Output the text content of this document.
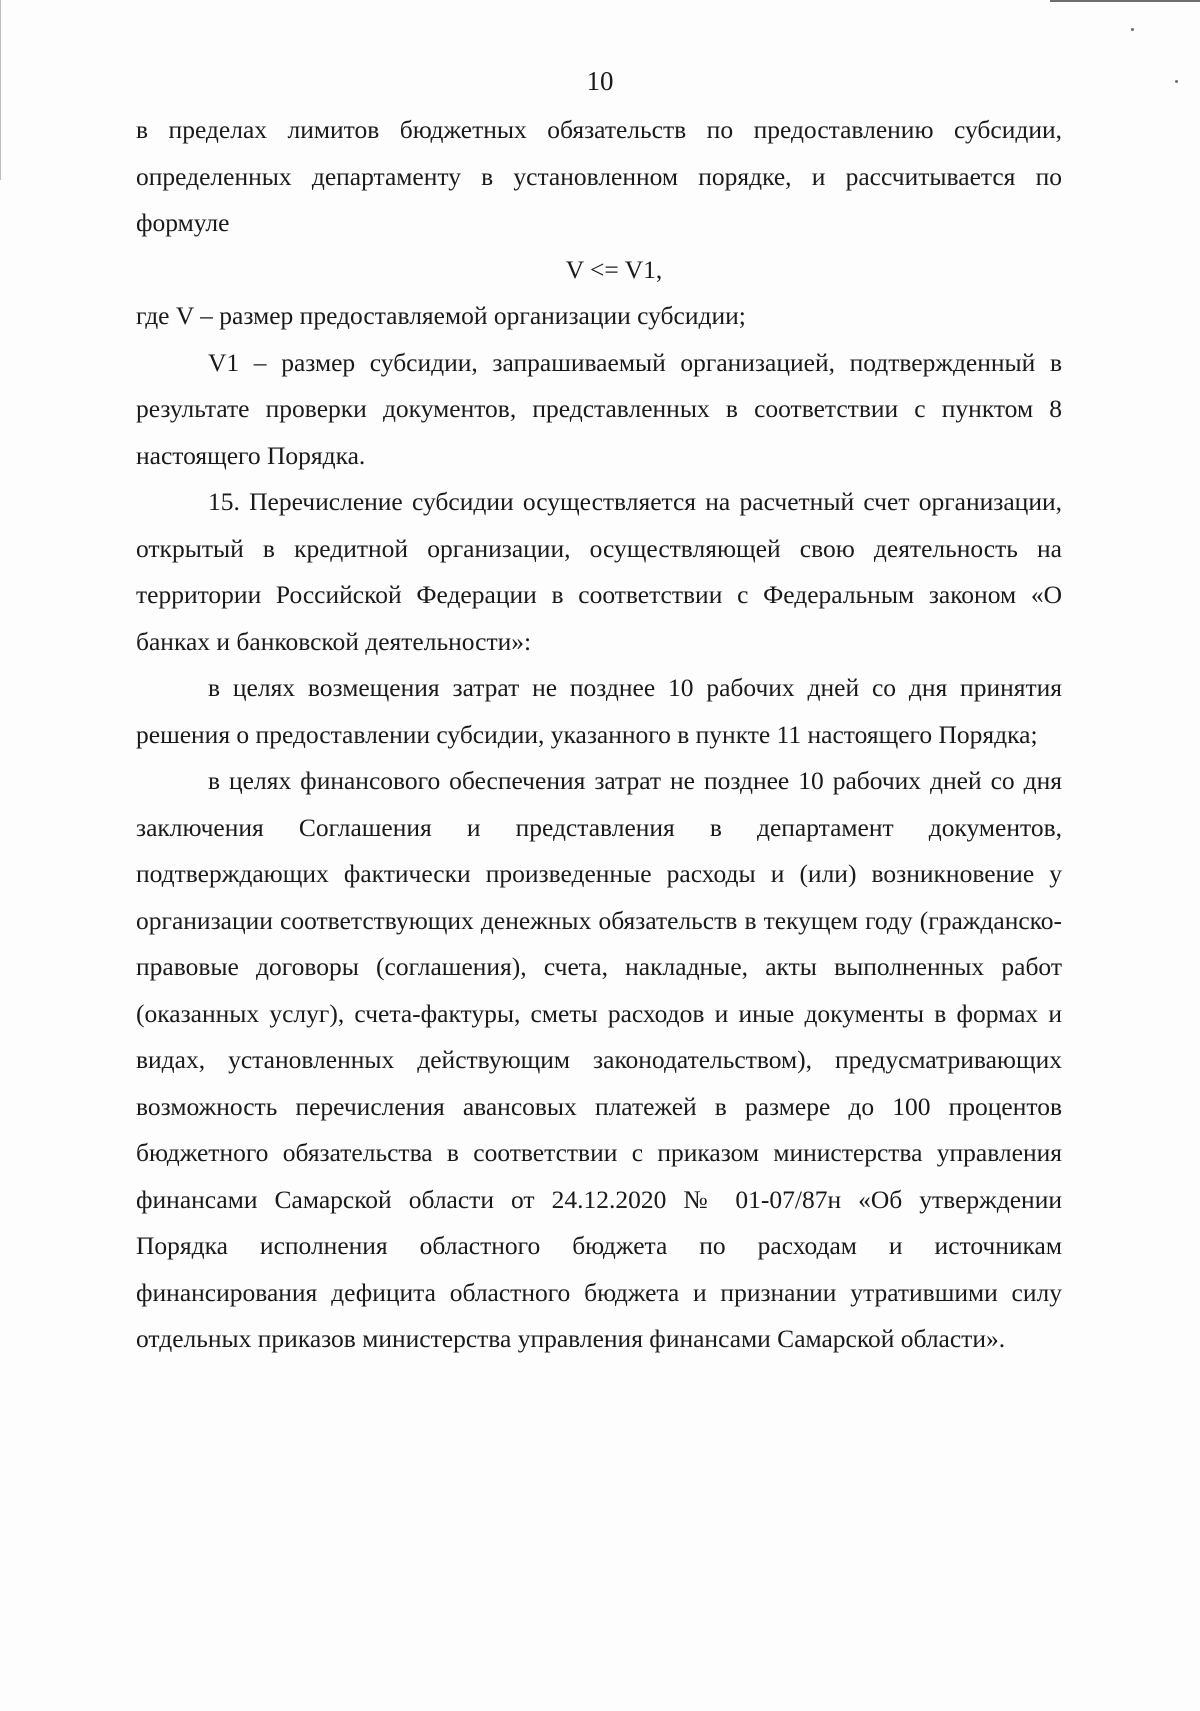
10

в пределах лимитов бюджетных обязательств по предоставлению субсидии, определенных департаменту в установленном порядке, и рассчитывается по формуле

V <= V1,

где V – размер предоставляемой организации субсидии;

V1 – размер субсидии, запрашиваемый организацией, подтвержденный в результате проверки документов, представленных в соответствии с пунктом 8 настоящего Порядка.

15. Перечисление субсидии осуществляется на расчетный счет организации, открытый в кредитной организации, осуществляющей свою деятельность на территории Российской Федерации в соответствии с Федеральным законом «О банках и банковской деятельности»:

в целях возмещения затрат не позднее 10 рабочих дней со дня принятия решения о предоставлении субсидии, указанного в пункте 11 настоящего Порядка;

в целях финансового обеспечения затрат не позднее 10 рабочих дней со дня заключения Соглашения и представления в департамент документов, подтверждающих фактически произведенные расходы и (или) возникновение у организации соответствующих денежных обязательств в текущем году (гражданско-правовые договоры (соглашения), счета, накладные, акты выполненных работ (оказанных услуг), счета-фактуры, сметы расходов и иные документы в формах и видах, установленных действующим законодательством), предусматривающих возможность перечисления авансовых платежей в размере до 100 процентов бюджетного обязательства в соответствии с приказом министерства управления финансами Самарской области от 24.12.2020 № 01-07/87н «Об утверждении Порядка исполнения областного бюджета по расходам и источникам финансирования дефицита областного бюджета и признании утратившими силу отдельных приказов министерства управления финансами Самарской области».
